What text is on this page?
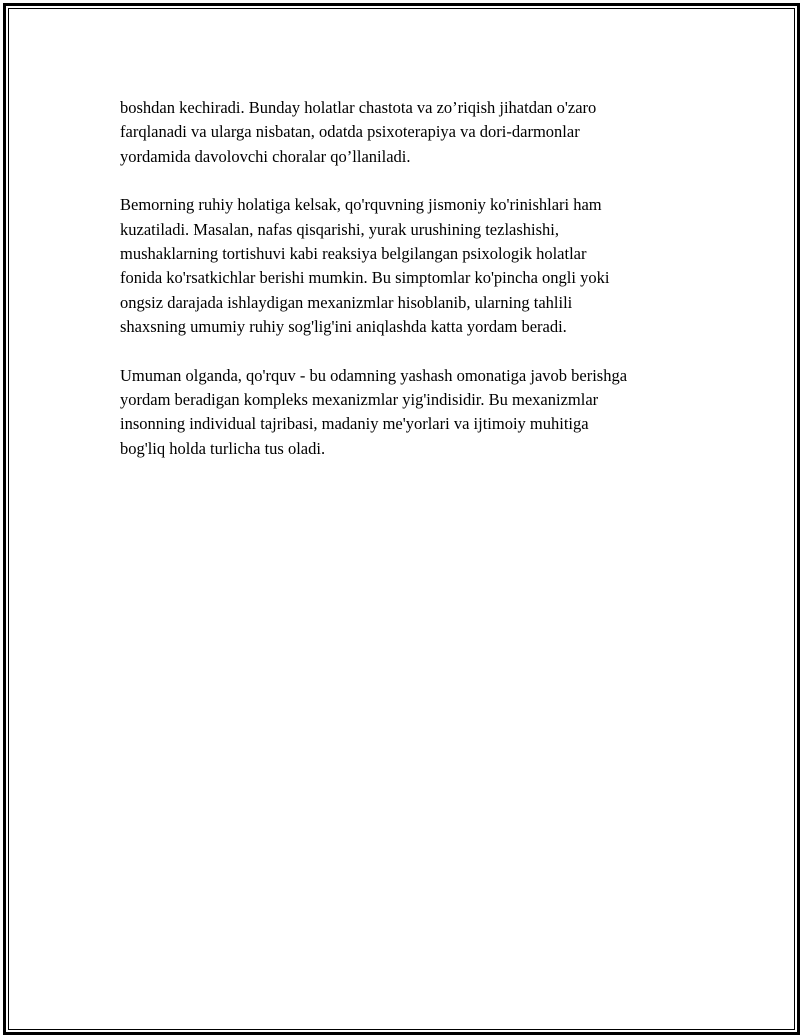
boshdan kechiradi. Bunday holatlar chastota va zo’riqish jihatdan o'zaro
farqlanadi va ularga nisbatan, odatda psixoterapiya va dori-darmonlar
yordamida davolovchi choralar qo’llaniladi.

Bemorning ruhiy holatiga kelsak, qo'rquvning jismoniy ko'rinishlari ham
kuzatiladi. Masalan, nafas qisqarishi, yurak urushining tezlashishi,
mushaklarning tortishuvi kabi reaksiya belgilangan psixologik holatlar
fonida ko'rsatkichlar berishi mumkin. Bu simptomlar ko'pincha ongli yoki
ongsiz darajada ishlaydigan mexanizmlar hisoblanib, ularning tahlili
shaxsning umumiy ruhiy sog'lig'ini aniqlashda katta yordam beradi.

Umuman olganda, qo'rquv - bu odamning yashash omonatiga javob berishga
yordam beradigan kompleks mexanizmlar yig'indisidir. Bu mexanizmlar
insonning individual tajribasi, madaniy me'yorlari va ijtimoiy muhitiga
bog'liq holda turlicha tus oladi.
